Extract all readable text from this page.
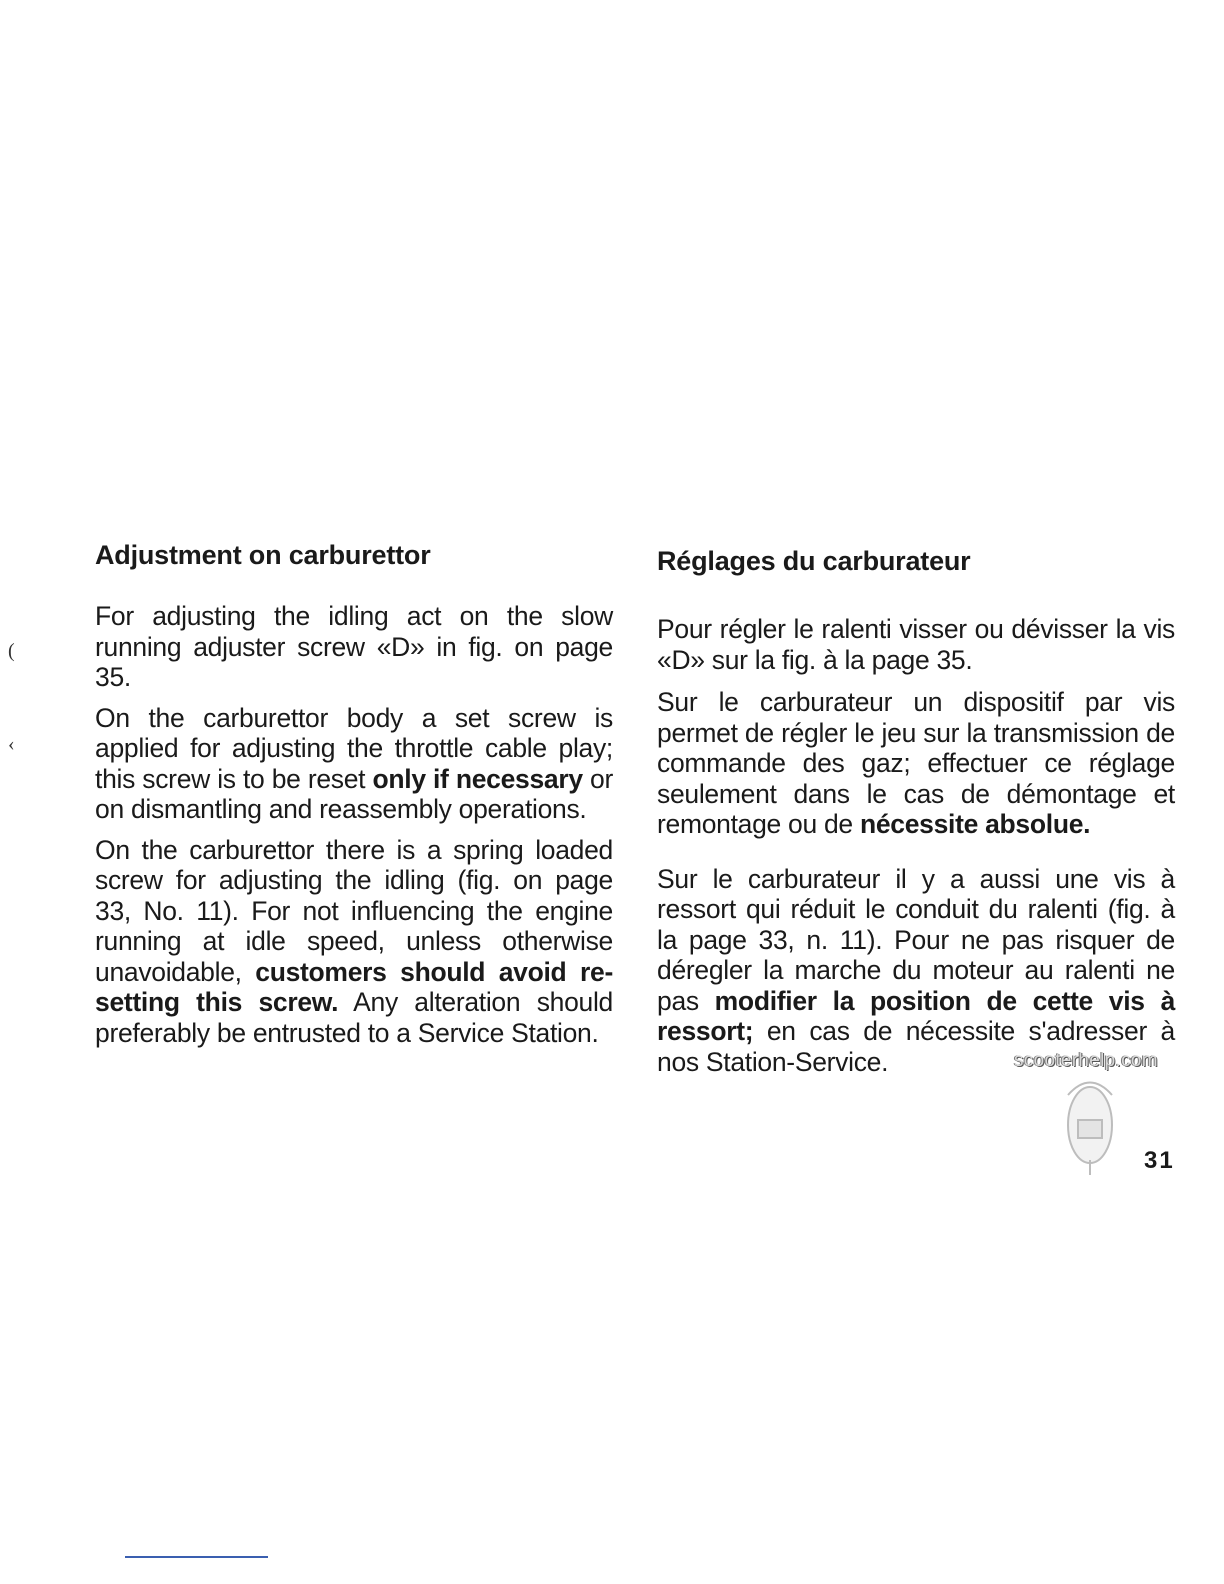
(
‹
Adjustment on carburettor

For adjusting the idling act on the slow running adjuster screw «D» in fig. on page 35.

On the carburettor body a set screw is applied for adjusting the throttle cable play; this screw is to be reset only if necessary or on dismantling and reassembly operations.

On the carburettor there is a spring loaded screw for adjusting the idling (fig. on page 33, No. 11). For not influencing the engine running at idle speed, unless otherwise unavoidable, customers should avoid re-setting this screw. Any alteration should preferably be entrusted to a Service Station.

Réglages du carburateur

Pour régler le ralenti visser ou dévisser la vis «D» sur la fig. à la page 35.

Sur le carburateur un dispositif par vis permet de régler le jeu sur la transmission de commande des gaz; effectuer ce réglage seulement dans le cas de démontage et remontage ou de nécessite absolue.

Sur le carburateur il y a aussi une vis à ressort qui réduit le conduit du ralenti (fig. à la page 33, n. 11). Pour ne pas risquer de déregler la marche du moteur au ralenti ne pas modifier la position de cette vis à ressort; en cas de nécessite s'adresser à nos Station-Service.	scooterhelp.com
31
